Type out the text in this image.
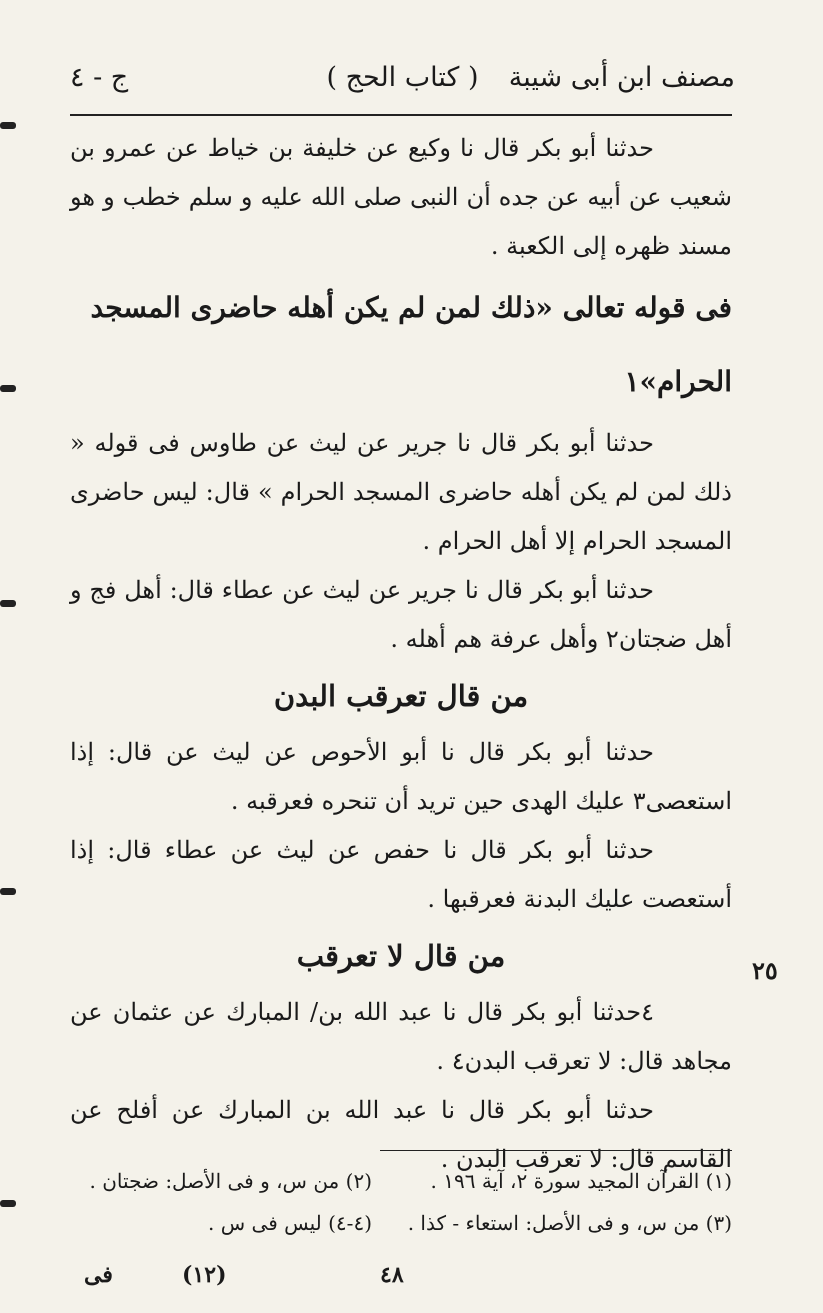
مصنف ابن أبى شيبة
( كتاب الحج )
ج - ٤

حدثنا أبو بكر قال نا وكيع عن خليفة بن خياط عن عمرو بن شعيب عن أبيه عن جده أن النبى صلى الله عليه و سلم خطب و هو مسند ظهره إلى الكعبة .

فى قوله تعالى «ذلك لمن لم يكن أهله حاضرى المسجد الحرام»١

حدثنا أبو بكر قال نا جرير عن ليث عن طاوس فى قوله « ذلك لمن لم يكن أهله حاضرى المسجد الحرام » قال: ليس حاضرى المسجد الحرام إلا أهل الحرام .

حدثنا أبو بكر قال نا جرير عن ليث عن عطاء قال: أهل فج و أهل ضجتان٢ وأهل عرفة هم أهله .

من قال تعرقب البدن

حدثنا أبو بكر قال نا أبو الأحوص عن ليث عن قال: إذا استعصى٣ عليك الهدى حين تريد أن تنحره فعرقبه .

حدثنا أبو بكر قال نا حفص عن ليث عن عطاء قال: إذا أستعصت عليك البدنة فعرقبها .

من قال لا تعرقب

٤حدثنا أبو بكر قال نا عبد الله بن/ المبارك عن عثمان عن مجاهد قال: لا تعرقب البدن٤ .

حدثنا أبو بكر قال نا عبد الله بن المبارك عن أفلح عن القاسم قال: لا تعرقب البدن .

٢٥
(١) القرآن المجيد سورة ٢، آية ١٩٦ .
(٢) من س، و فى الأصل: ضجتان .
(٣) من س، و فى الأصل: استعاء - كذا .
(٤-٤) ليس فى س .
٤٨
(١٢)
فى
